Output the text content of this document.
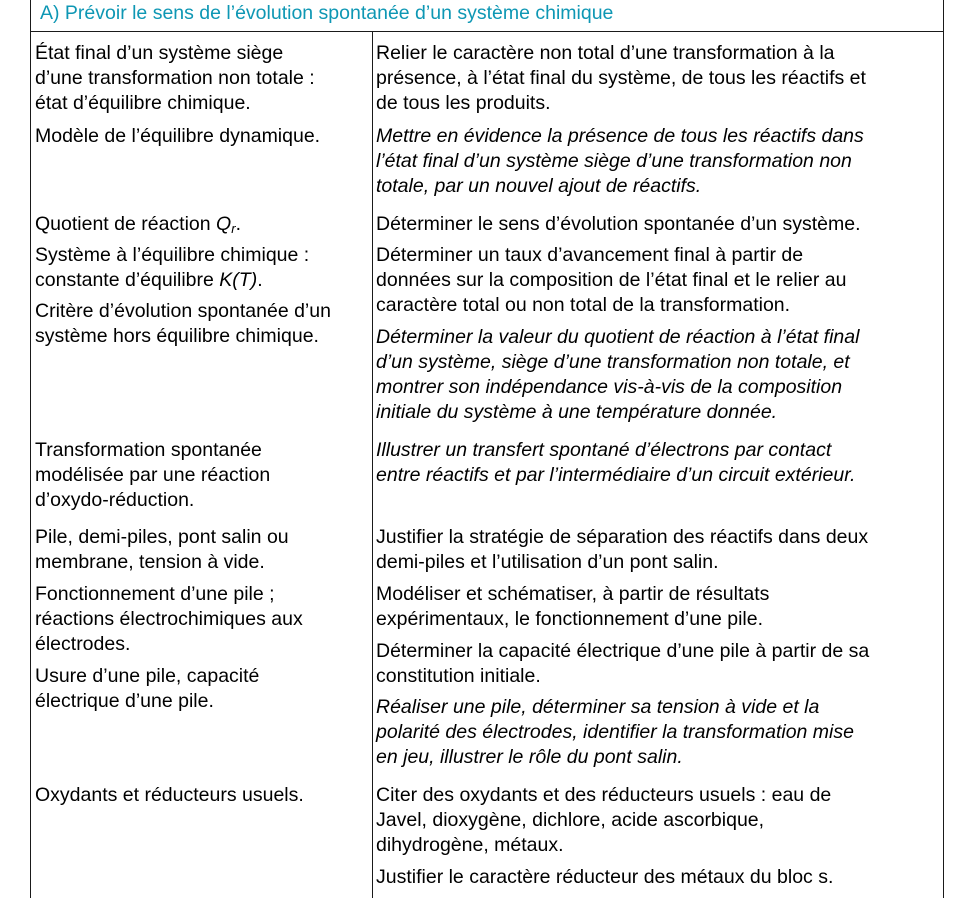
A) Prévoir le sens de l’évolution spontanée d’un système chimique
État final d’un système siège
d’une transformation non totale :
état d’équilibre chimique.
Modèle de l’équilibre dynamique.
Quotient de réaction $Q_r$.
Système à l’équilibre chimique :
constante d’équilibre K(T).
Critère d’évolution spontanée d’un
système hors équilibre chimique.
Transformation spontanée
modélisée par une réaction
d’oxydo-réduction.
Pile, demi-piles, pont salin ou
membrane, tension à vide.
Fonctionnement d’une pile ;
réactions électrochimiques aux
électrodes.
Usure d’une pile, capacité
électrique d’une pile.
Oxydants et réducteurs usuels.
Relier le caractère non total d’une transformation à la
présence, à l’état final du système, de tous les réactifs et
de tous les produits.
Mettre en évidence la présence de tous les réactifs dans
l’état final d’un système siège d’une transformation non
totale, par un nouvel ajout de réactifs.
Déterminer le sens d’évolution spontanée d’un système.
Déterminer un taux d’avancement final à partir de
données sur la composition de l’état final et le relier au
caractère total ou non total de la transformation.
Déterminer la valeur du quotient de réaction à l’état final
d’un système, siège d’une transformation non totale, et
montrer son indépendance vis-à-vis de la composition
initiale du système à une température donnée.
Illustrer un transfert spontané d’électrons par contact
entre réactifs et par l’intermédiaire d’un circuit extérieur.
Justifier la stratégie de séparation des réactifs dans deux
demi-piles et l’utilisation d’un pont salin.
Modéliser et schématiser, à partir de résultats
expérimentaux, le fonctionnement d’une pile.
Déterminer la capacité électrique d’une pile à partir de sa
constitution initiale.
Réaliser une pile, déterminer sa tension à vide et la
polarité des électrodes, identifier la transformation mise
en jeu, illustrer le rôle du pont salin.
Citer des oxydants et des réducteurs usuels : eau de
Javel, dioxygène, dichlore, acide ascorbique,
dihydrogène, métaux.
Justifier le caractère réducteur des métaux du bloc s.
